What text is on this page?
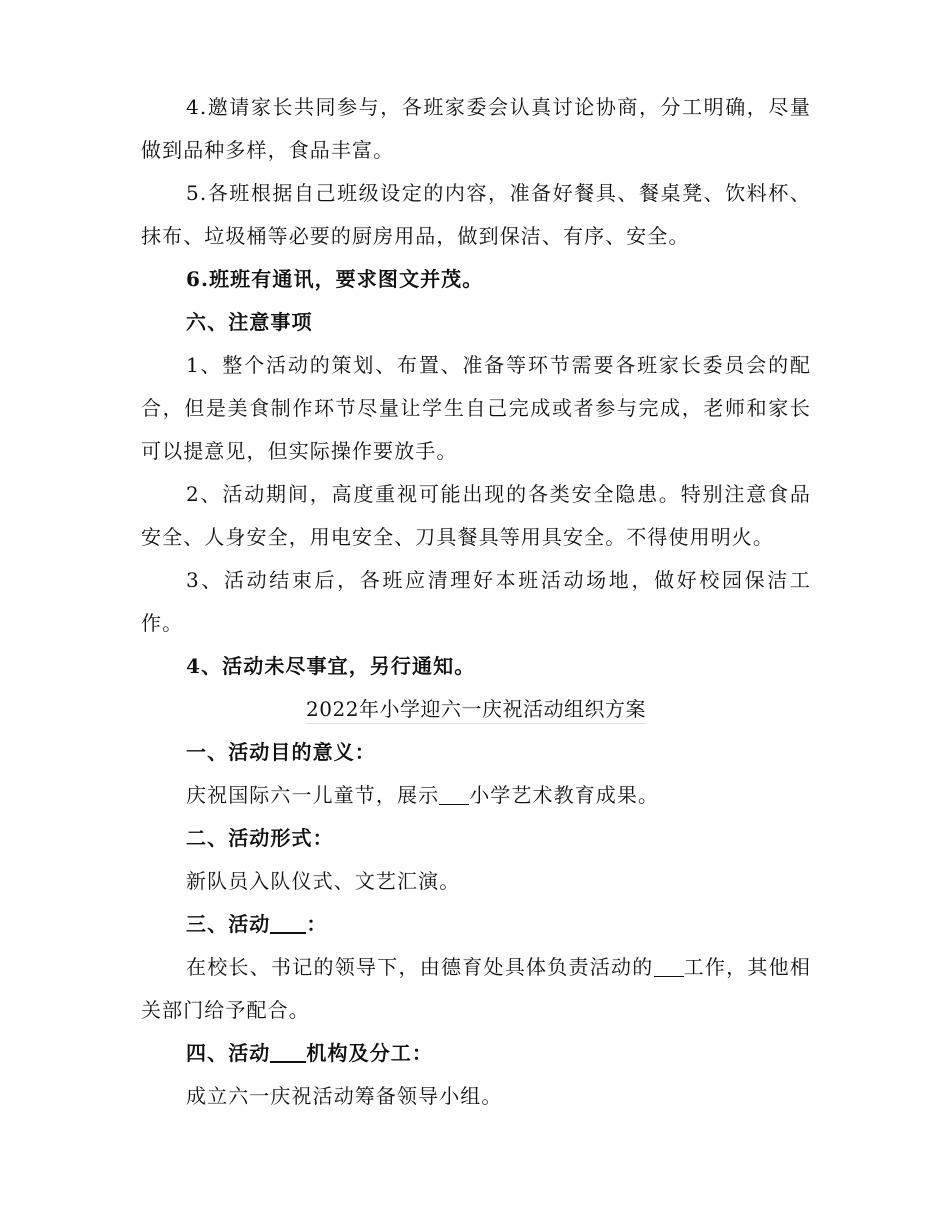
4.邀请家长共同参与，各班家委会认真讨论协商，分工明确，尽量做到品种多样，食品丰富。

5.各班根据自己班级设定的内容，准备好餐具、餐桌凳、饮料杯、抹布、垃圾桶等必要的厨房用品，做到保洁、有序、安全。

6.班班有通讯，要求图文并茂。

六、注意事项

1、整个活动的策划、布置、准备等环节需要各班家长委员会的配合，但是美食制作环节尽量让学生自己完成或者参与完成，老师和家长可以提意见，但实际操作要放手。

2、活动期间，高度重视可能出现的各类安全隐患。特别注意食品安全、人身安全，用电安全、刀具餐具等用具安全。不得使用明火。

3、活动结束后，各班应清理好本班活动场地，做好校园保洁工作。

4、活动未尽事宜，另行通知。

2022年小学迎六一庆祝活动组织方案

一、活动目的意义：

庆祝国际六一儿童节，展示 小学艺术教育成果。

二、活动形式：

新队员入队仪式、文艺汇演。

三、活动 ：

在校长、书记的领导下，由德育处具体负责活动的 工作，其他相关部门给予配合。

四、活动 机构及分工：

成立六一庆祝活动筹备领导小组。
